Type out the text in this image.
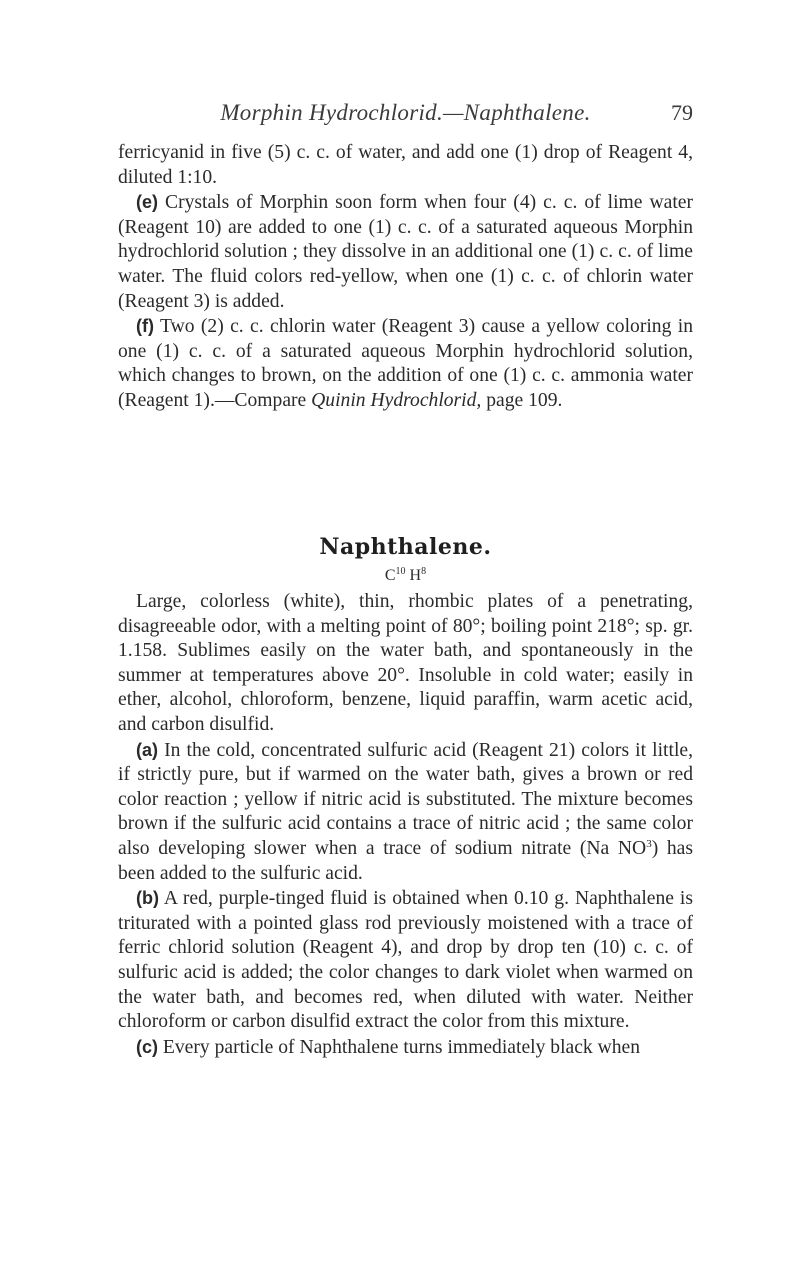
Morphin Hydrochlorid.—Naphthalene.	79

ferricyanid in five (5) c. c. of water, and add one (1) drop of Reagent 4, diluted 1:10.

(e) Crystals of Morphin soon form when four (4) c. c. of lime water (Reagent 10) are added to one (1) c. c. of a saturated aqueous Morphin hydrochlorid solution ; they dissolve in an additional one (1) c. c. of lime water. The fluid colors red-yellow, when one (1) c. c. of chlorin water (Reagent 3) is added.

(f) Two (2) c. c. chlorin water (Reagent 3) cause a yellow coloring in one (1) c. c. of a saturated aqueous Morphin hydrochlorid solution, which changes to brown, on the addition of one (1) c. c. ammonia water (Reagent 1).—Compare Quinin Hydrochlorid, page 109.

Naphthalene.
$C^{10}$ $H^8$

Large, colorless (white), thin, rhombic plates of a penetrating, disagreeable odor, with a melting point of 80°; boiling point 218°; sp. gr. 1.158. Sublimes easily on the water bath, and spontaneously in the summer at temperatures above 20°. Insoluble in cold water; easily in ether, alcohol, chloroform, benzene, liquid paraffin, warm acetic acid, and carbon disulfid.

(a) In the cold, concentrated sulfuric acid (Reagent 21) colors it little, if strictly pure, but if warmed on the water bath, gives a brown or red color reaction ; yellow if nitric acid is substituted. The mixture becomes brown if the sulfuric acid contains a trace of nitric acid ; the same color also developing slower when a trace of sodium nitrate (Na $NO^3$) has been added to the sulfuric acid.

(b) A red, purple-tinged fluid is obtained when 0.10 g. Naphthalene is triturated with a pointed glass rod previously moistened with a trace of ferric chlorid solution (Reagent 4), and drop by drop ten (10) c. c. of sulfuric acid is added; the color changes to dark violet when warmed on the water bath, and becomes red, when diluted with water. Neither chloroform or carbon disulfid extract the color from this mixture.

(c) Every particle of Naphthalene turns immediately black when
